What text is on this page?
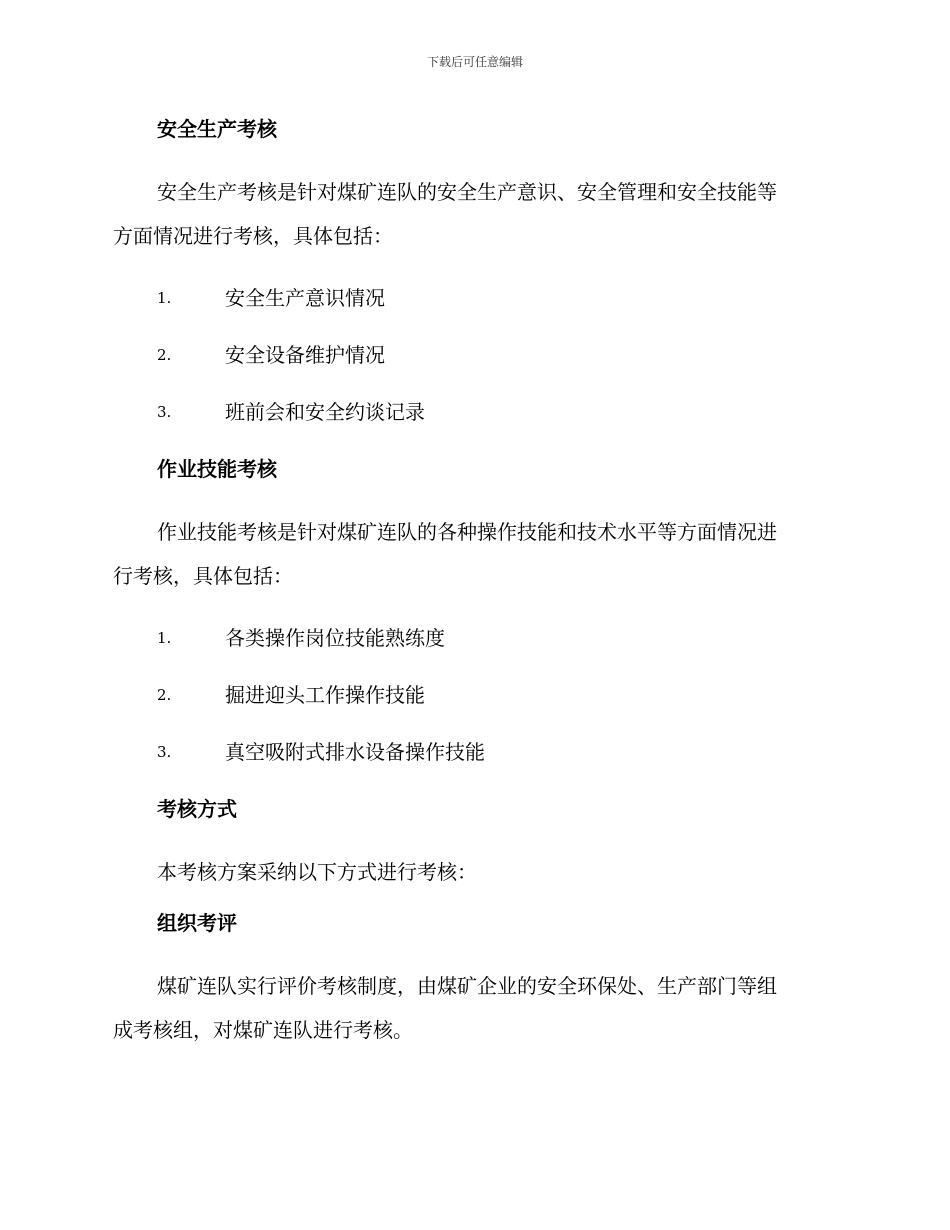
下载后可任意编辑
安全生产考核
安全生产考核是针对煤矿连队的安全生产意识、安全管理和安全技能等
方面情况进行考核，具体包括：
1.	安全生产意识情况
2.	安全设备维护情况
3.	班前会和安全约谈记录
作业技能考核
作业技能考核是针对煤矿连队的各种操作技能和技术水平等方面情况进
行考核，具体包括：
1.	各类操作岗位技能熟练度
2.	掘进迎头工作操作技能
3.	真空吸附式排水设备操作技能
考核方式
本考核方案采纳以下方式进行考核：
组织考评
煤矿连队实行评价考核制度，由煤矿企业的安全环保处、生产部门等组
成考核组，对煤矿连队进行考核。
